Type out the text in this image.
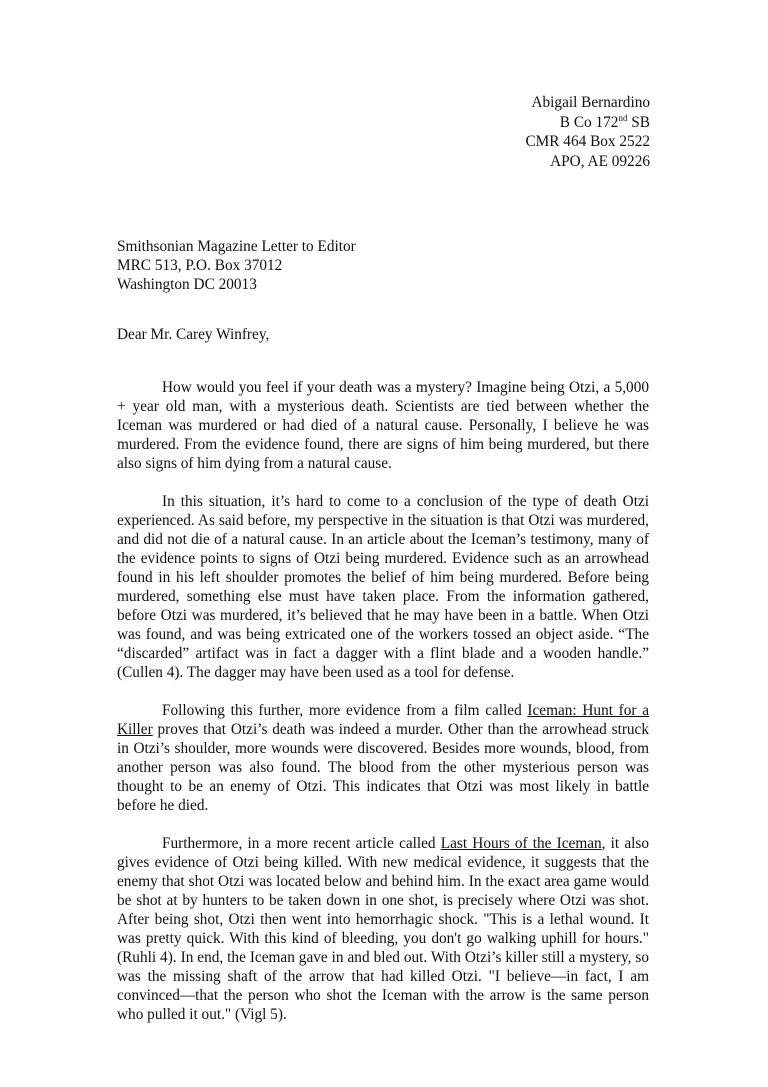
Abigail Bernardino
B Co 172nd SB
CMR 464 Box 2522
APO, AE 09226
Smithsonian Magazine Letter to Editor
MRC 513, P.O. Box 37012
Washington DC 20013
Dear Mr. Carey Winfrey,

How would you feel if your death was a mystery? Imagine being Otzi, a 5,000 + year old man, with a mysterious death. Scientists are tied between whether the Iceman was murdered or had died of a natural cause. Personally, I believe he was murdered. From the evidence found, there are signs of him being murdered, but there also signs of him dying from a natural cause.

In this situation, it’s hard to come to a conclusion of the type of death Otzi experienced. As said before, my perspective in the situation is that Otzi was murdered, and did not die of a natural cause. In an article about the Iceman’s testimony, many of the evidence points to signs of Otzi being murdered. Evidence such as an arrowhead found in his left shoulder promotes the belief of him being murdered. Before being murdered, something else must have taken place. From the information gathered, before Otzi was murdered, it’s believed that he may have been in a battle. When Otzi was found, and was being extricated one of the workers tossed an object aside. “The “discarded” artifact was in fact a dagger with a flint blade and a wooden handle.” (Cullen 4). The dagger may have been used as a tool for defense.

Following this further, more evidence from a film called Iceman: Hunt for a Killer proves that Otzi’s death was indeed a murder. Other than the arrowhead struck in Otzi’s shoulder, more wounds were discovered. Besides more wounds, blood, from another person was also found. The blood from the other mysterious person was thought to be an enemy of Otzi. This indicates that Otzi was most likely in battle before he died.

Furthermore, in a more recent article called Last Hours of the Iceman, it also gives evidence of Otzi being killed. With new medical evidence, it suggests that the enemy that shot Otzi was located below and behind him. In the exact area game would be shot at by hunters to be taken down in one shot, is precisely where Otzi was shot. After being shot, Otzi then went into hemorrhagic shock. "This is a lethal wound. It was pretty quick. With this kind of bleeding, you don't go walking uphill for hours." (Ruhli 4). In end, the Iceman gave in and bled out. With Otzi’s killer still a mystery, so was the missing shaft of the arrow that had killed Otzi. "I believe—in fact, I am convinced—that the person who shot the Iceman with the arrow is the same person who pulled it out." (Vigl 5).
